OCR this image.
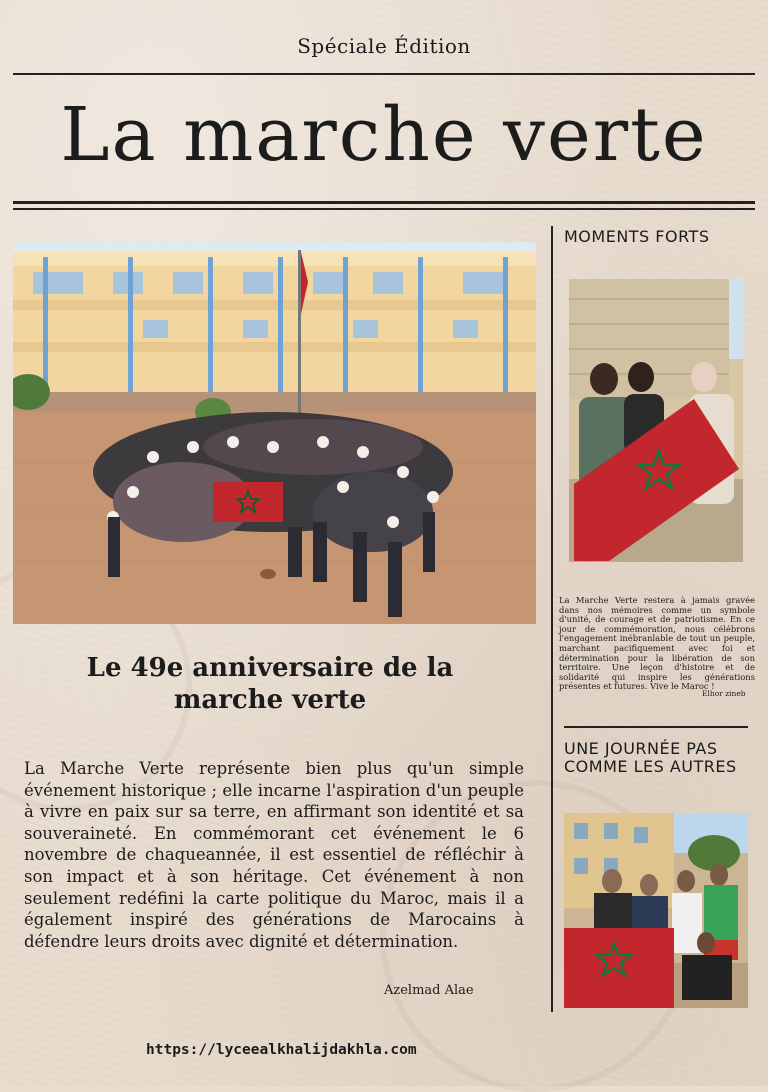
Spéciale Édition
La marche verte
Le 49e anniversaire de la marche verte

La Marche Verte représente bien plus qu'un simple événement historique ; elle incarne l'aspiration d'un peuple à vivre en paix sur sa terre, en affirmant son identité et sa souveraineté. En commémorant cet événement le 6 novembre de chaqueannée, il est essentiel de réfléchir à son impact et à son héritage. Cet événement à non seulement redéfini la carte politique du Maroc, mais il a également inspiré des générations de Marocains à défendre leurs droits avec dignité et détermination.

Azelmad Alae
https://lyceealkhalijdakhla.com
MOMENTS FORTS

La Marche Verte restera à jamais gravée dans nos mémoires comme un symbole d'unité, de courage et de patriotisme. En ce jour de commémoration, nous célébrons l'engagement inébranlable de tout un peuple, marchant pacifiquement avec foi et détermination pour la libération de son territoire. Une leçon d'histoire et de solidarité qui inspire les générations présentes et futures. Vive le Maroc !

Elhor zineb
UNE JOURNÉE PAS COMME LES AUTRES
